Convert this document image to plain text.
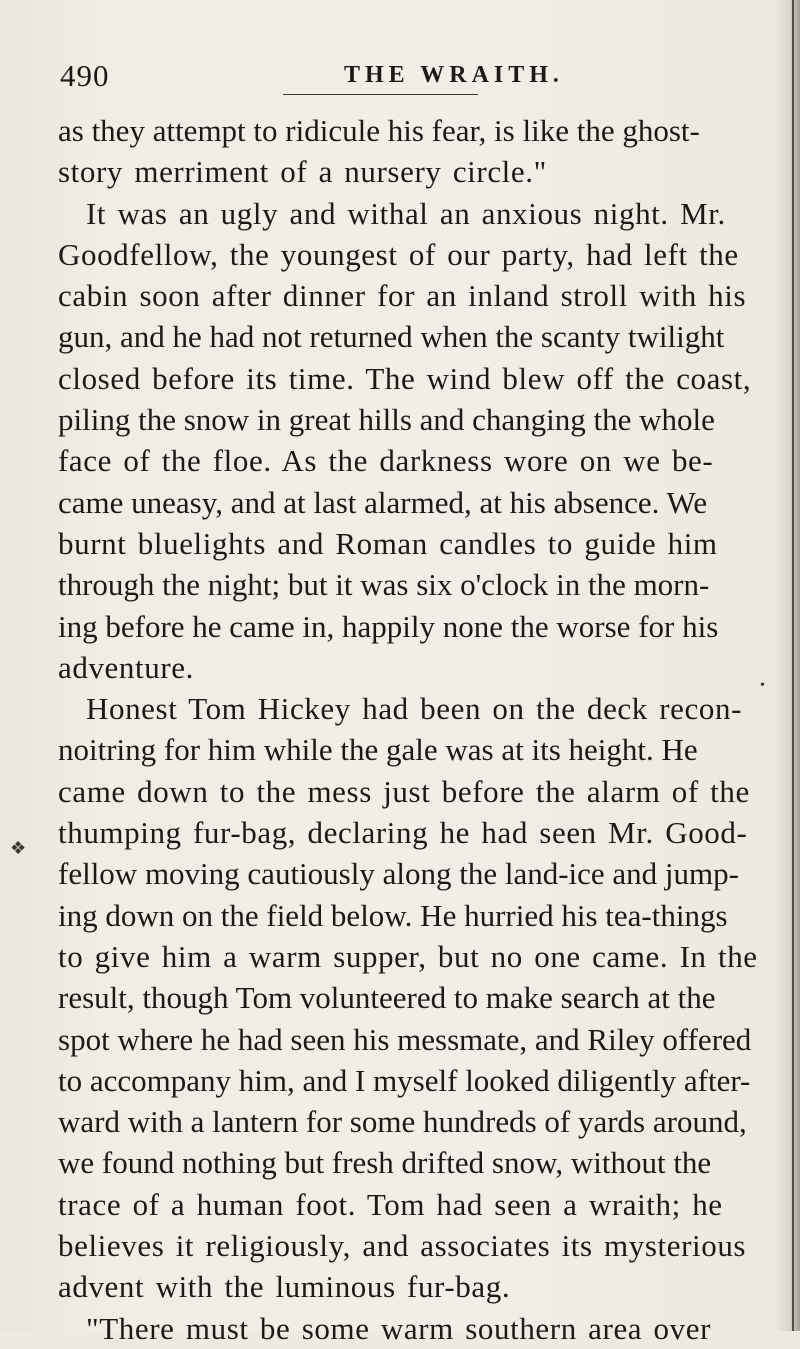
490	THE WRAITH.
as they attempt to ridicule his fear, is like the ghost-
story merriment of a nursery circle."
It was an ugly and withal an anxious night. Mr.
Goodfellow, the youngest of our party, had left the
cabin soon after dinner for an inland stroll with his
gun, and he had not returned when the scanty twilight
closed before its time. The wind blew off the coast,
piling the snow in great hills and changing the whole
face of the floe. As the darkness wore on we be-
came uneasy, and at last alarmed, at his absence. We
burnt bluelights and Roman candles to guide him
through the night; but it was six o'clock in the morn-
ing before he came in, happily none the worse for his
adventure.
Honest Tom Hickey had been on the deck recon-
noitring for him while the gale was at its height. He
came down to the mess just before the alarm of the
thumping fur-bag, declaring he had seen Mr. Good-
fellow moving cautiously along the land-ice and jump-
ing down on the field below. He hurried his tea-things
to give him a warm supper, but no one came. In the
result, though Tom volunteered to make search at the
spot where he had seen his messmate, and Riley offered
to accompany him, and I myself looked diligently after-
ward with a lantern for some hundreds of yards around,
we found nothing but fresh drifted snow, without the
trace of a human foot. Tom had seen a wraith; he
believes it religiously, and associates its mysterious
advent with the luminous fur-bag.
"There must be some warm southern area over
❖
•
